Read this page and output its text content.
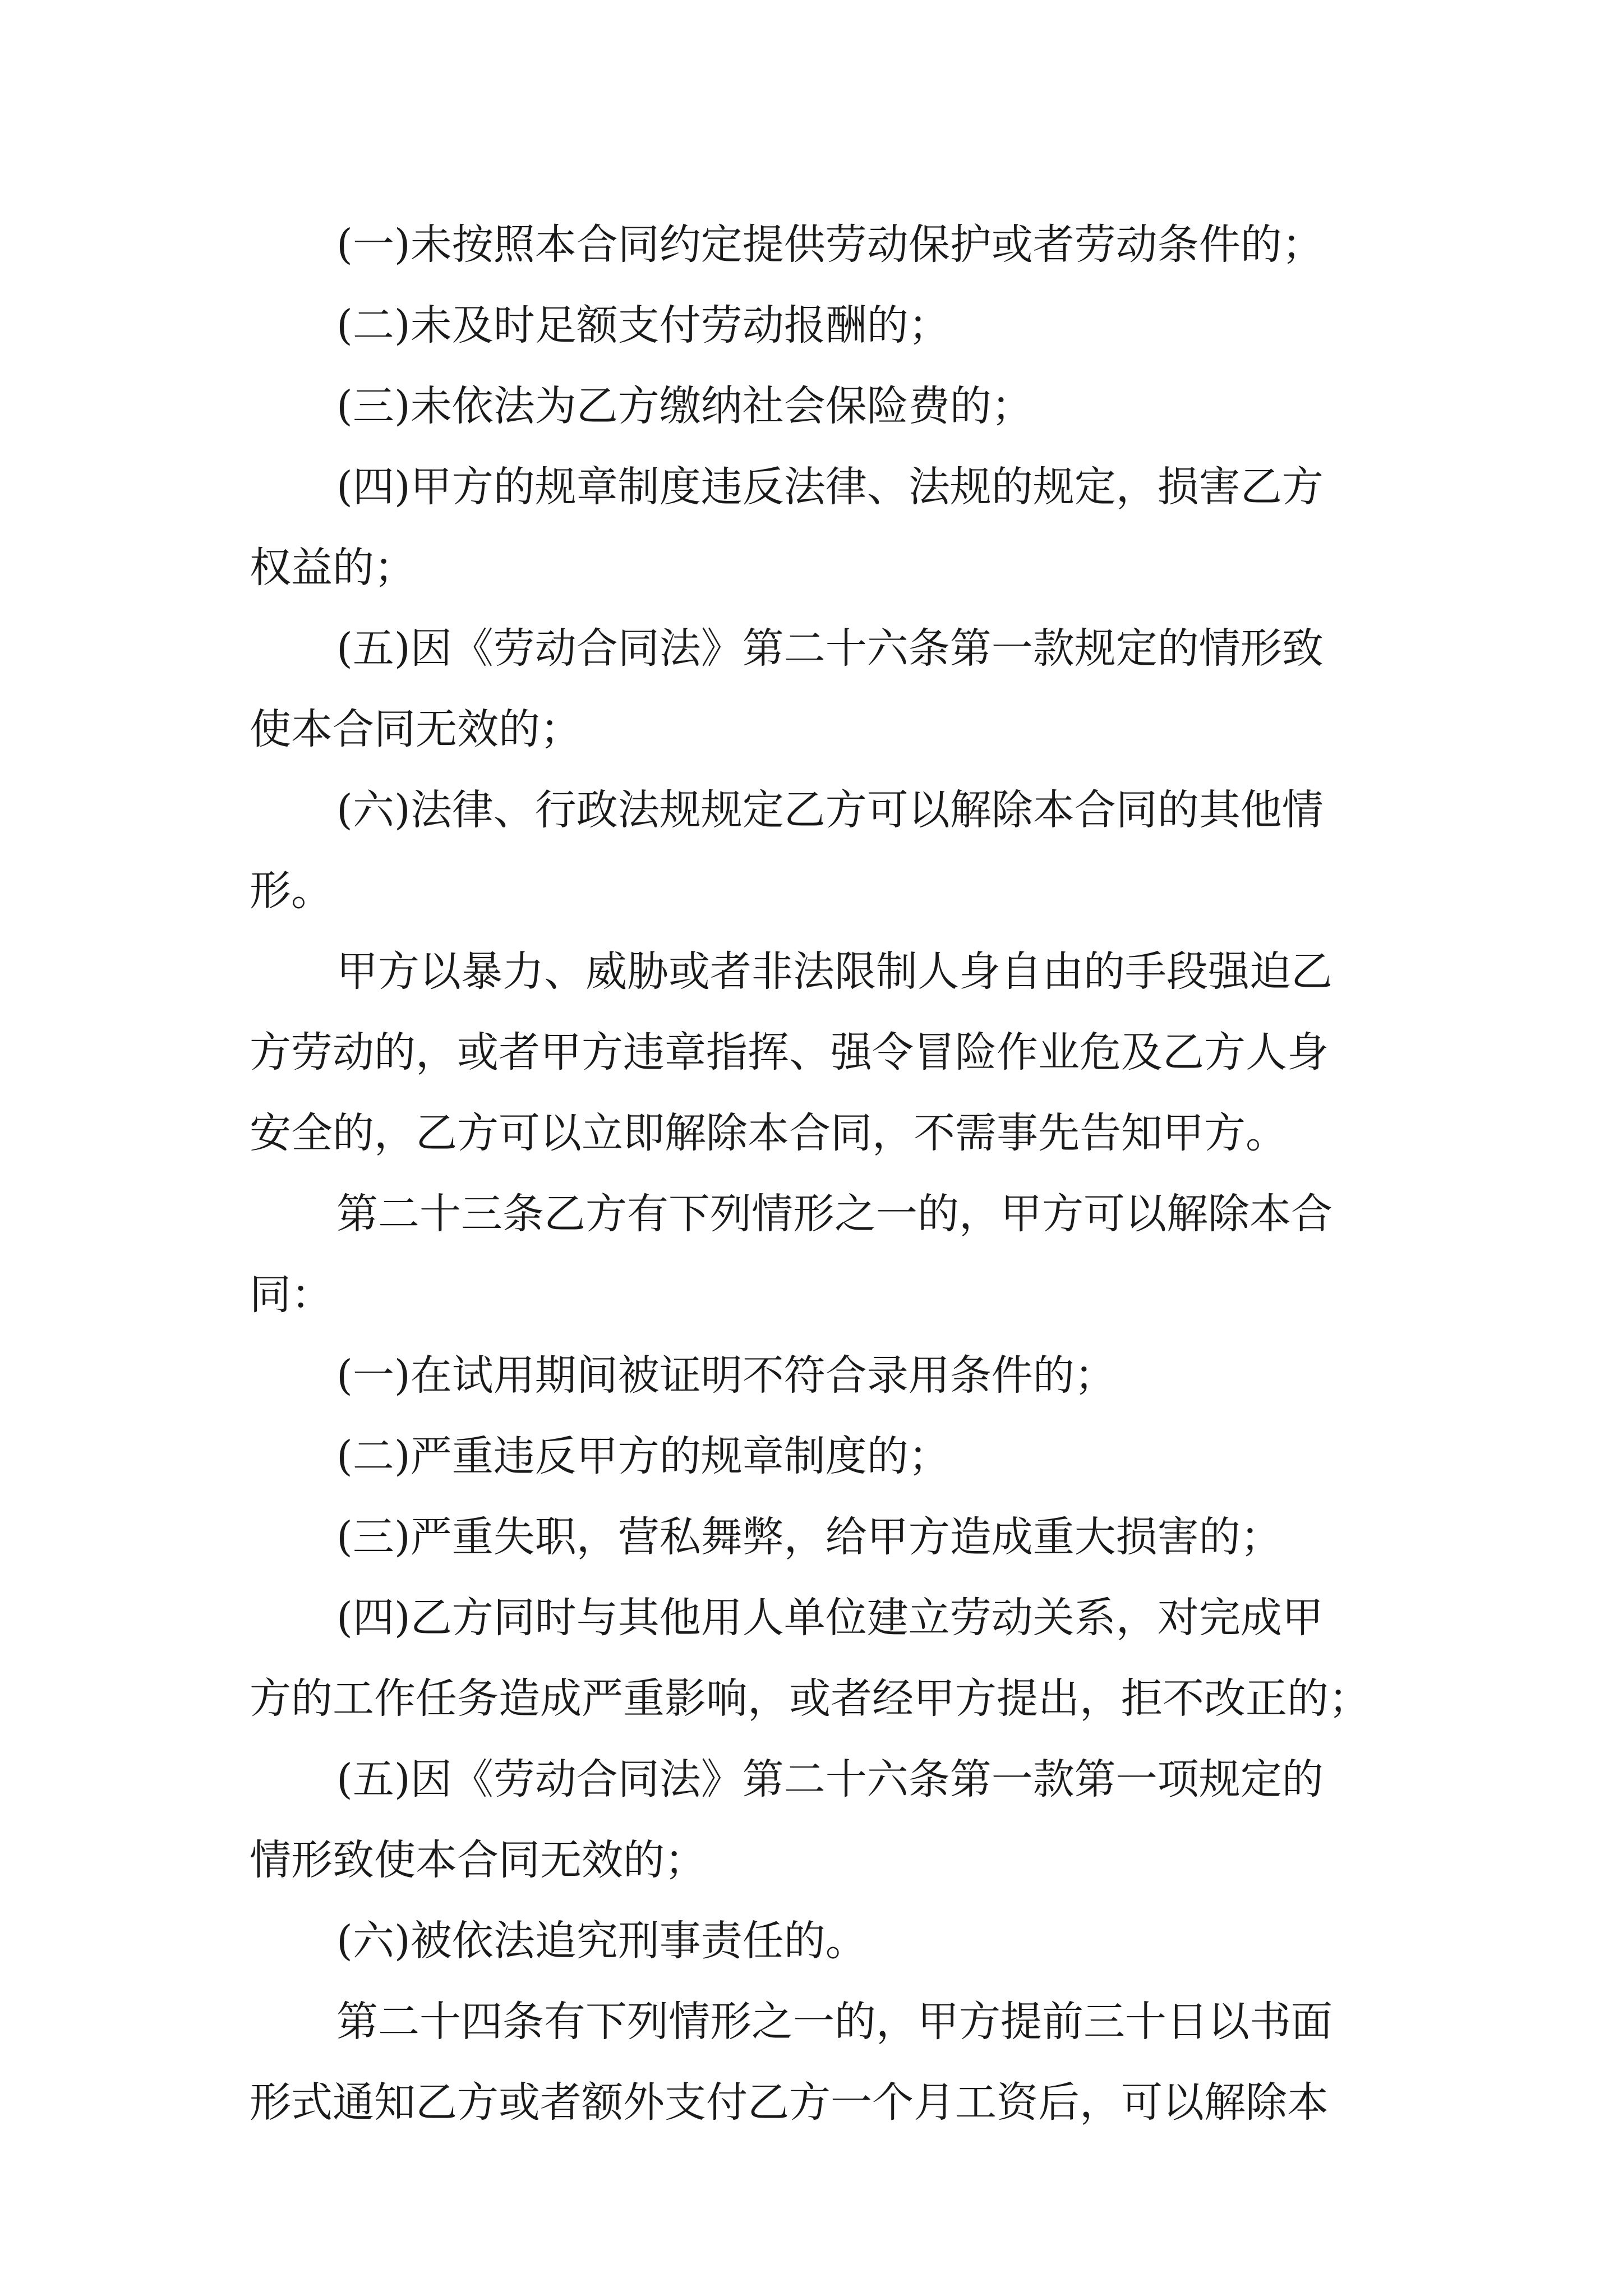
(一)未按照本合同约定提供劳动保护或者劳动条件的；
(二)未及时足额支付劳动报酬的；
(三)未依法为乙方缴纳社会保险费的；
(四)甲方的规章制度违反法律、法规的规定，损害乙方
权益的；
(五)因《劳动合同法》第二十六条第一款规定的情形致
使本合同无效的；
(六)法律、行政法规规定乙方可以解除本合同的其他情
形。
甲方以暴力、威胁或者非法限制人身自由的手段强迫乙
方劳动的，或者甲方违章指挥、强令冒险作业危及乙方人身
安全的，乙方可以立即解除本合同，不需事先告知甲方。
第二十三条乙方有下列情形之一的，甲方可以解除本合
同：
(一)在试用期间被证明不符合录用条件的；
(二)严重违反甲方的规章制度的；
(三)严重失职，营私舞弊，给甲方造成重大损害的；
(四)乙方同时与其他用人单位建立劳动关系，对完成甲
方的工作任务造成严重影响，或者经甲方提出，拒不改正的；
(五)因《劳动合同法》第二十六条第一款第一项规定的
情形致使本合同无效的；
(六)被依法追究刑事责任的。
第二十四条有下列情形之一的，甲方提前三十日以书面
形式通知乙方或者额外支付乙方一个月工资后，可以解除本
